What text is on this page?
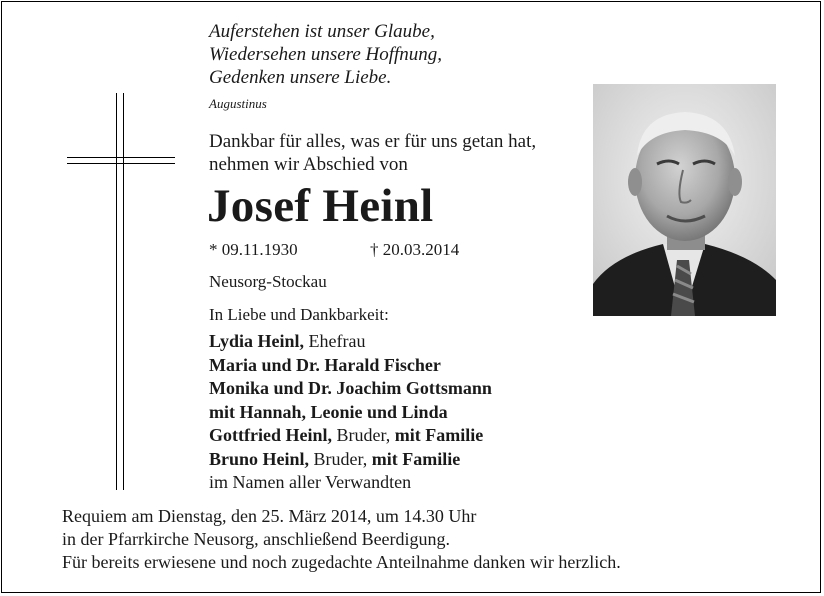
Auferstehen ist unser Glaube,
Wiedersehen unsere Hoffnung,
Gedenken unsere Liebe.
Augustinus
Dankbar für alles, was er für uns getan hat,
nehmen wir Abschied von
Josef Heinl
* 09.11.1930	† 20.03.2014
Neusorg-Stockau
In Liebe und Dankbarkeit:
Lydia Heinl, Ehefrau
Maria und Dr. Harald Fischer
Monika und Dr. Joachim Gottsmann
mit Hannah, Leonie und Linda
Gottfried Heinl, Bruder, mit Familie
Bruno Heinl, Bruder, mit Familie
im Namen aller Verwandten
Requiem am Dienstag, den 25. März 2014, um 14.30 Uhr
in der Pfarrkirche Neusorg, anschließend Beerdigung.
Für bereits erwiesene und noch zugedachte Anteilnahme danken wir herzlich.
